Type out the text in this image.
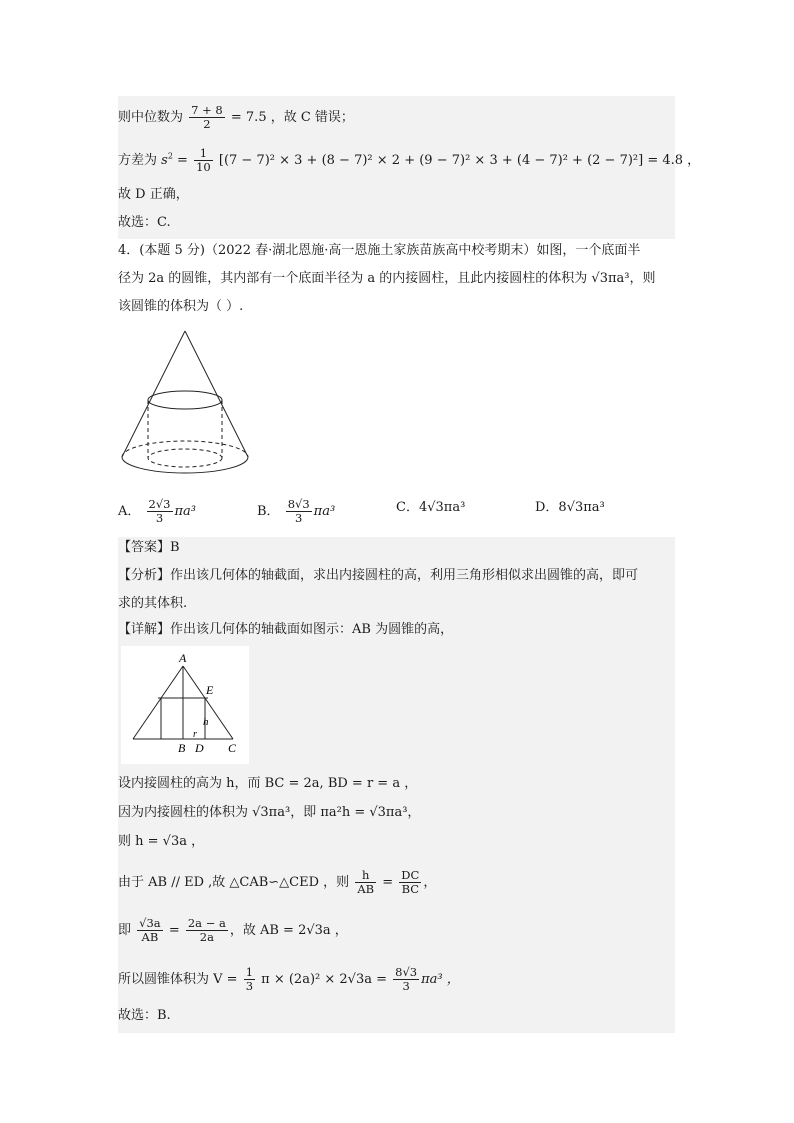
则中位数为 $\frac{7 + 8}{2} = 7.5$ ，故 C 错误；
方差为 $s^2 = \frac{1}{10} [(7 - 7)^2 \times 3 + (8 - 7)^2 \times 2 + (9 - 7)^2 \times 3 + (4 - 7)^2 + (2 - 7)^2] = 4.8$ ，
故 D 正确，
故选：C.
4．(本题 5 分)（2022 春·湖北恩施·高一恩施土家族苗族高中校考期末）如图，一个底面半
径为 2a 的圆锥，其内部有一个底面半径为 a 的内接圆柱，且此内接圆柱的体积为 √3πa³，则
该圆锥的体积为（ ）.
A． $\frac{2√3}{3} \pi a^3$	B． $\frac{8√3}{3} \pi a^3$	C．4√3πa³	D．8√3πa³
【答案】B
【分析】作出该几何体的轴截面，求出内接圆柱的高，利用三角形相似求出圆锥的高，即可
求的其体积.
【详解】作出该几何体的轴截面如图示：AB 为圆锥的高，
A
E
h
r
B D C
设内接圆柱的高为 h，而 BC = 2a, BD = r = a ，
因为内接圆柱的体积为 √3πa³，即 πa²h = √3πa³，
则 h = √3a ，
由于 AB // ED ,故 △CAB∽△CED ，则 $\frac{h}{AB} = \frac{DC}{BC}$ ，
即 $\frac{√3a}{AB} = \frac{2a - a}{2a}$ ，故 AB = 2√3a ，
所以圆锥体积为 $V = \frac{1}{3}$ $\pi \times (2a)^2 \times 2√3a = \frac{8√3}{3} \pi a^3$ ，
故选：B.
